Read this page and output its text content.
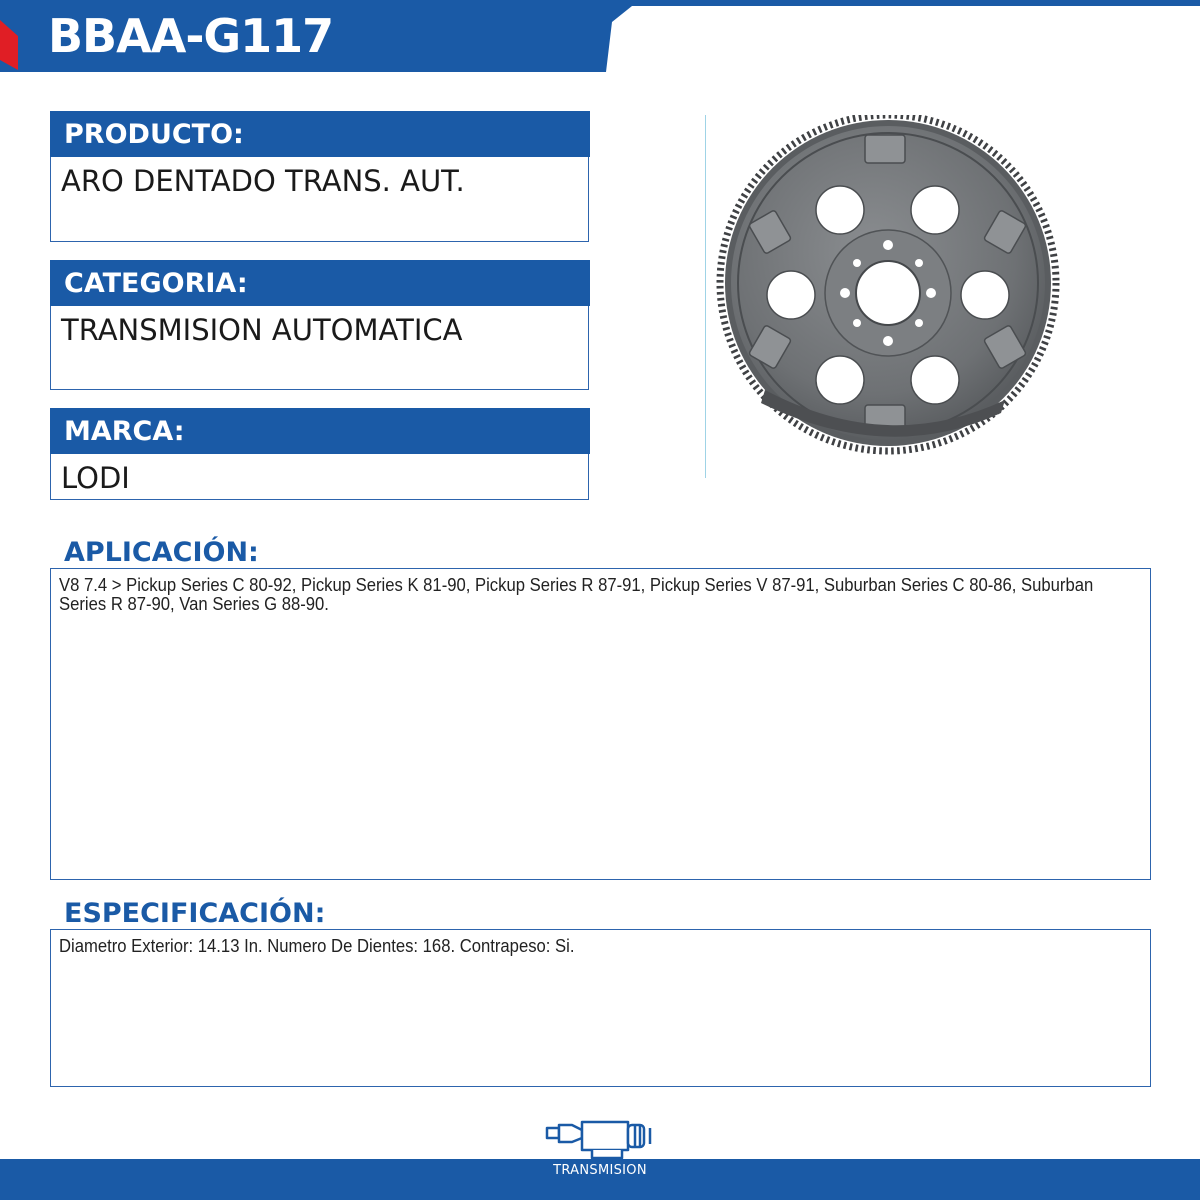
BBAA-G117

PRODUCTO:

ARO DENTADO TRANS. AUT.

CATEGORIA:

TRANSMISION AUTOMATICA

MARCA:

LODI

APLICACIÓN:

V8 7.4 > Pickup Series C 80-92, Pickup Series K 81-90, Pickup Series R 87-91, Pickup Series V 87-91, Suburban Series C 80-86, Suburban Series R 87-90, Van Series G 88-90.

ESPECIFICACIÓN:

Diametro Exterior: 14.13 In. Numero De Dientes: 168. Contrapeso: Si.

TRANSMISION
